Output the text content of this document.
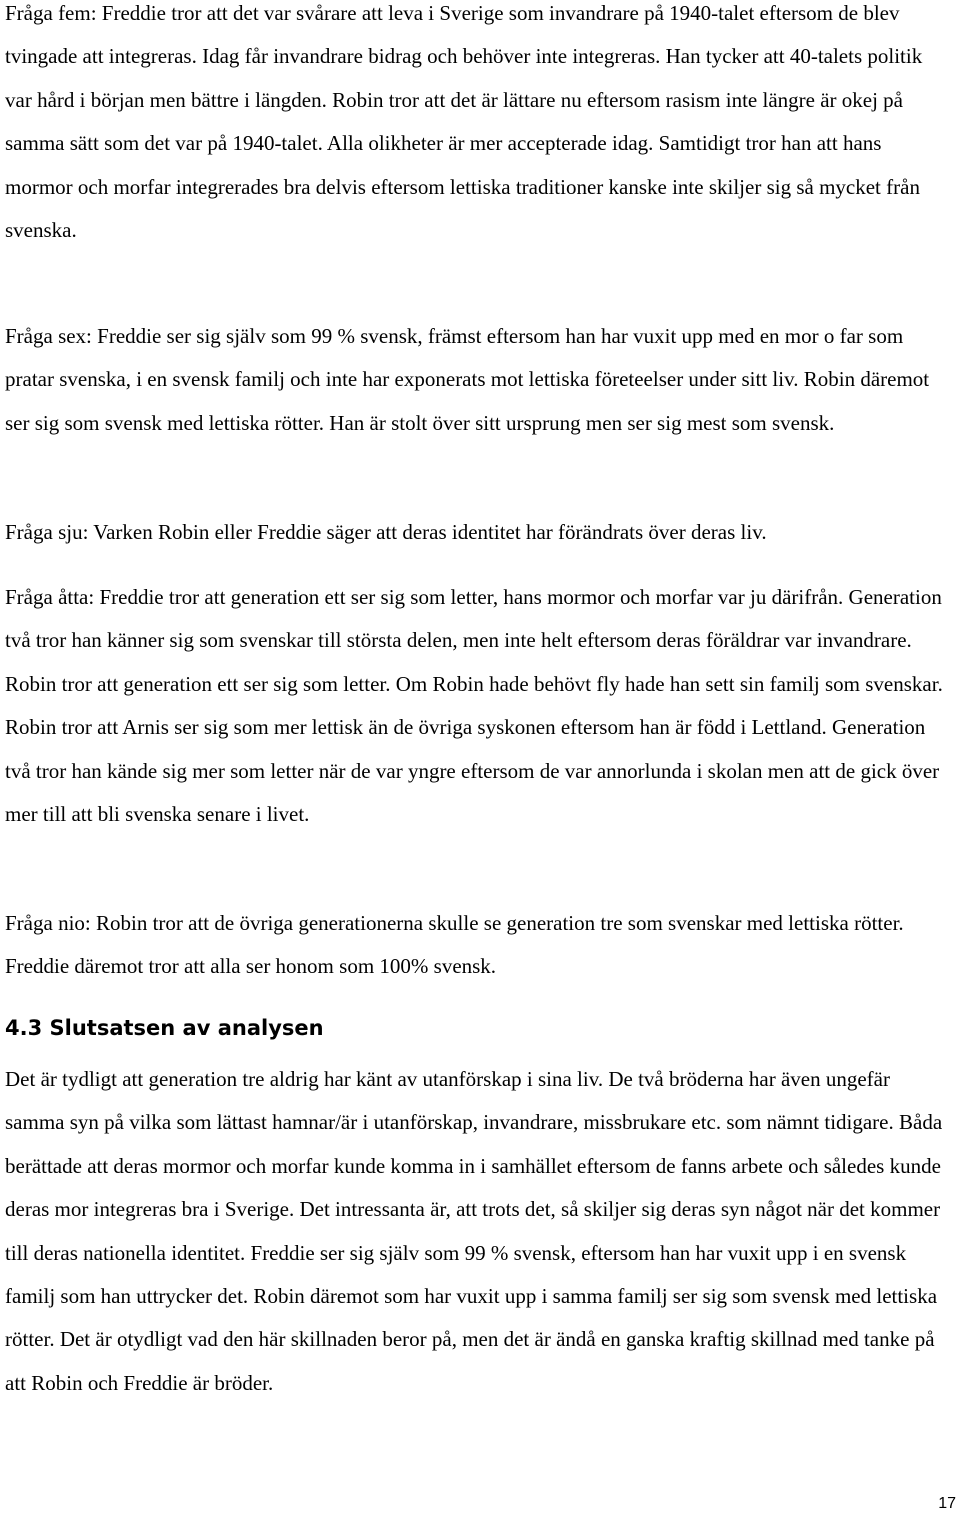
Fråga fem: Freddie tror att det var svårare att leva i Sverige som invandrare på 1940-talet eftersom de blev tvingade att integreras. Idag får invandrare bidrag och behöver inte integreras. Han tycker att 40-talets politik var hård i början men bättre i längden. Robin tror att det är lättare nu eftersom rasism inte längre är okej på samma sätt som det var på 1940-talet. Alla olikheter är mer accepterade idag. Samtidigt tror han att hans mormor och morfar integrerades bra delvis eftersom lettiska traditioner kanske inte skiljer sig så mycket från svenska.

Fråga sex: Freddie ser sig själv som 99 % svensk, främst eftersom han har vuxit upp med en mor o far som pratar svenska, i en svensk familj och inte har exponerats mot lettiska företeelser under sitt liv. Robin däremot ser sig som svensk med lettiska rötter. Han är stolt över sitt ursprung men ser sig mest som svensk.

Fråga sju: Varken Robin eller Freddie säger att deras identitet har förändrats över deras liv.

Fråga åtta: Freddie tror att generation ett ser sig som letter, hans mormor och morfar var ju därifrån. Generation två tror han känner sig som svenskar till största delen, men inte helt eftersom deras föräldrar var invandrare. Robin tror att generation ett ser sig som letter. Om Robin hade behövt fly hade han sett sin familj som svenskar. Robin tror att Arnis ser sig som mer lettisk än de övriga syskonen eftersom han är född i Lettland. Generation två tror han kände sig mer som letter när de var yngre eftersom de var annorlunda i skolan men att de gick över mer till att bli svenska senare i livet.

Fråga nio: Robin tror att de övriga generationerna skulle se generation tre som svenskar med lettiska rötter. Freddie däremot tror att alla ser honom som 100% svensk.

4.3 Slutsatsen av analysen

Det är tydligt att generation tre aldrig har känt av utanförskap i sina liv. De två bröderna har även ungefär samma syn på vilka som lättast hamnar/är i utanförskap, invandrare, missbrukare etc. som nämnt tidigare. Båda berättade att deras mormor och morfar kunde komma in i samhället eftersom de fanns arbete och således kunde deras mor integreras bra i Sverige. Det intressanta är, att trots det, så skiljer sig deras syn något när det kommer till deras nationella identitet. Freddie ser sig själv som 99 % svensk, eftersom han har vuxit upp i en svensk familj som han uttrycker det. Robin däremot som har vuxit upp i samma familj ser sig som svensk med lettiska rötter. Det är otydligt vad den här skillnaden beror på, men det är ändå en ganska kraftig skillnad med tanke på att Robin och Freddie är bröder.

17
